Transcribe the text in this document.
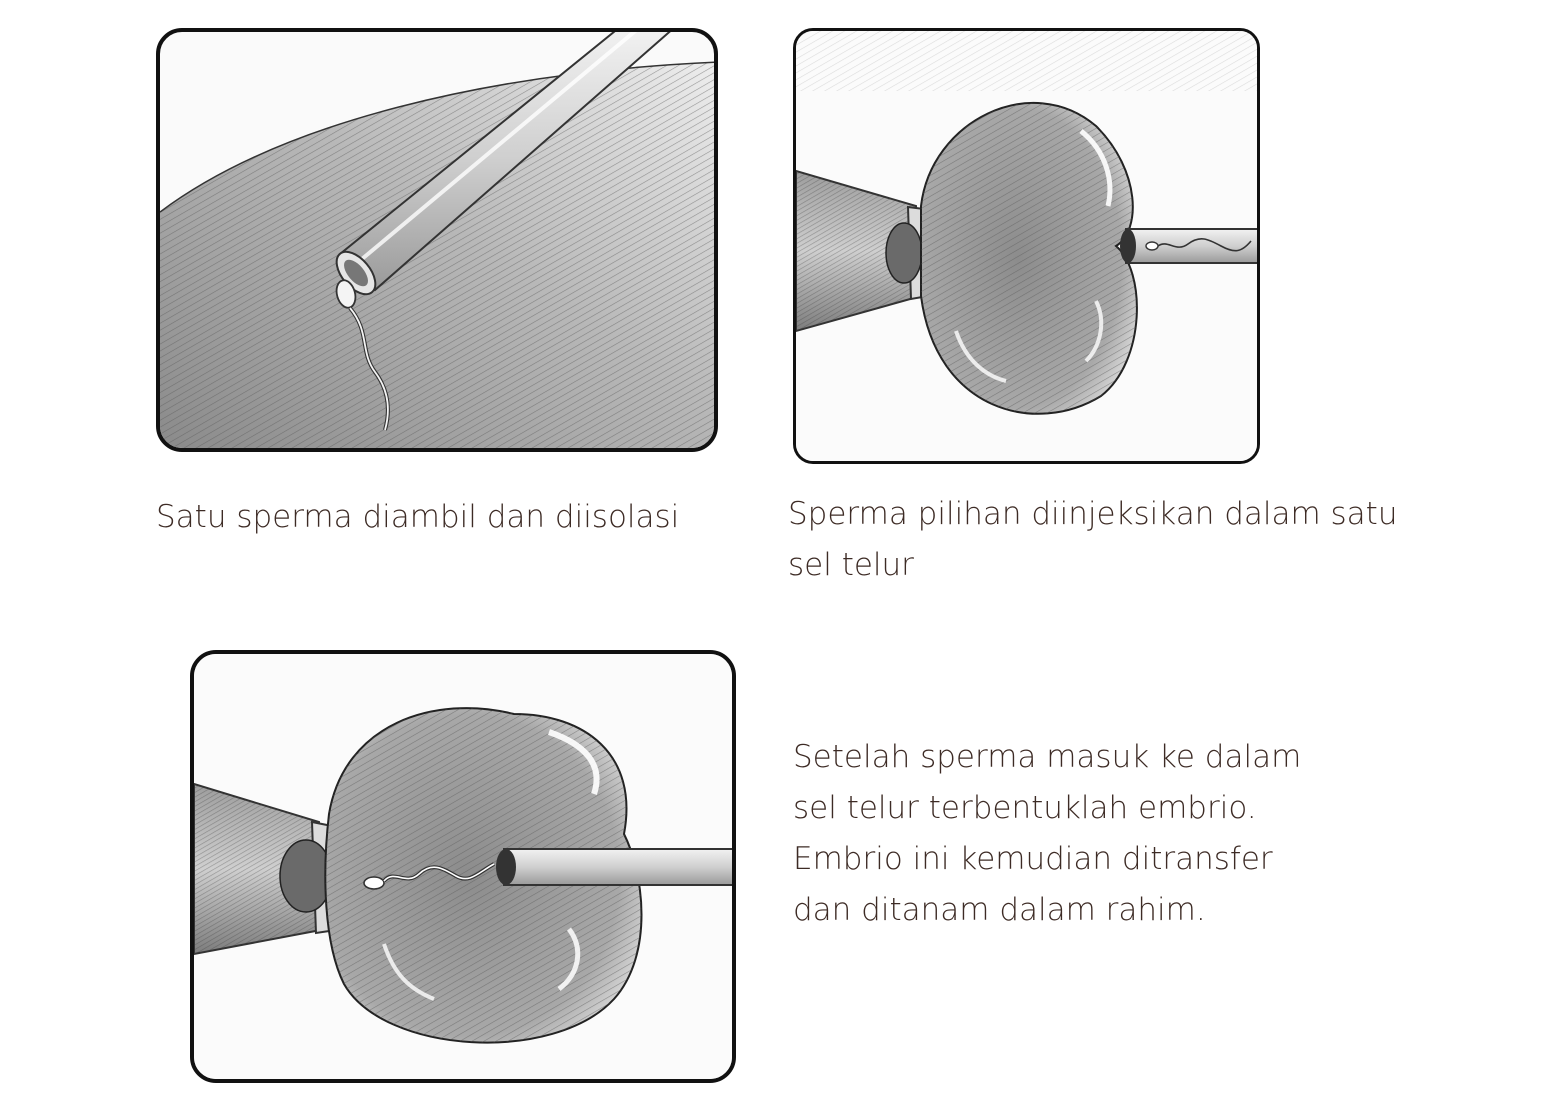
Satu sperma diambil dan diisolasi	Sperma pilihan diinjeksikan dalam satu
sel telur

Setelah sperma masuk ke dalam
sel telur terbentuklah embrio.
Embrio ini kemudian ditransfer
dan ditanam dalam rahim.
